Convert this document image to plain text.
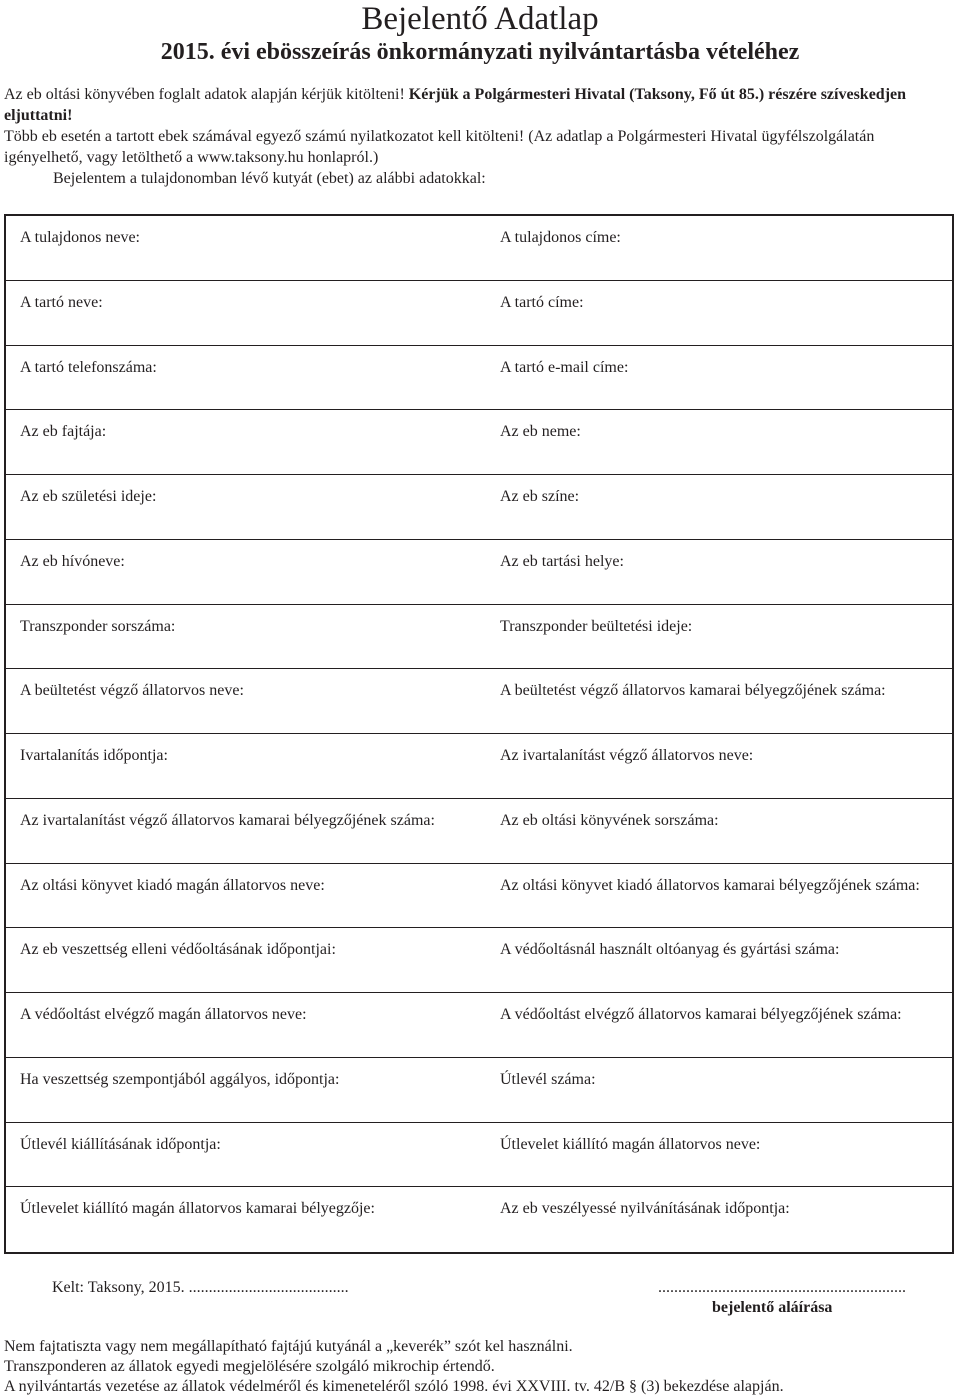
Bejelentő Adatlap
2015. évi ebösszeírás önkormányzati nyilvántartásba vételéhez

Az eb oltási könyvében foglalt adatok alapján kérjük kitölteni! Kérjük a Polgármesteri Hivatal (Taksony, Fő út 85.) részére szíveskedjen eljuttatni!

Több eb esetén a tartott ebek számával egyező számú nyilatkozatot kell kitölteni! (Az adatlap a Polgármesteri Hivatal ügyfélszolgálatán igényelhető, vagy letölthető a www.taksony.hu honlapról.)

Bejelentem a tulajdonomban lévő kutyát (ebet) az alábbi adatokkal:

A tulajdonos neve:	A tulajdonos címe:
A tartó neve:	A tartó címe:
A tartó telefonszáma:	A tartó e-mail címe:
Az eb fajtája:	Az eb neme:
Az eb születési ideje:	Az eb színe:
Az eb hívóneve:	Az eb tartási helye:
Transzponder sorszáma:	Transzponder beültetési ideje:
A beültetést végző állatorvos neve:	A beültetést végző állatorvos kamarai bélyegzőjének száma:
Ivartalanítás időpontja:	Az ivartalanítást végző állatorvos neve:
Az ivartalanítást végző állatorvos kamarai bélyegzőjének száma:	Az eb oltási könyvének sorszáma:
Az oltási könyvet kiadó magán állatorvos neve:	Az oltási könyvet kiadó állatorvos kamarai bélyegzőjének száma:
Az eb veszettség elleni védőoltásának időpontjai:	A védőoltásnál használt oltóanyag és gyártási száma:
A védőoltást elvégző magán állatorvos neve:	A védőoltást elvégző állatorvos kamarai bélyegzőjének száma:
Ha veszettség szempontjából aggályos, időpontja:	Útlevél száma:
Útlevél kiállításának időpontja:	Útlevelet kiállító magán állatorvos neve:
Útlevelet kiállító magán állatorvos kamarai bélyegzője:	Az eb veszélyessé nyilvánításának időpontja:
Kelt: Taksony, 2015. ........................................	..............................................................
bejelentő aláírása

Nem fajtatiszta vagy nem megállapítható fajtájú kutyánál a „keverék” szót kel használni.

Transzponderen az állatok egyedi megjelölésére szolgáló mikrochip értendő.

A nyilvántartás vezetése az állatok védelméről és kimeneteléről szóló 1998. évi XXVIII. tv. 42/B § (3) bekezdése alapján.
